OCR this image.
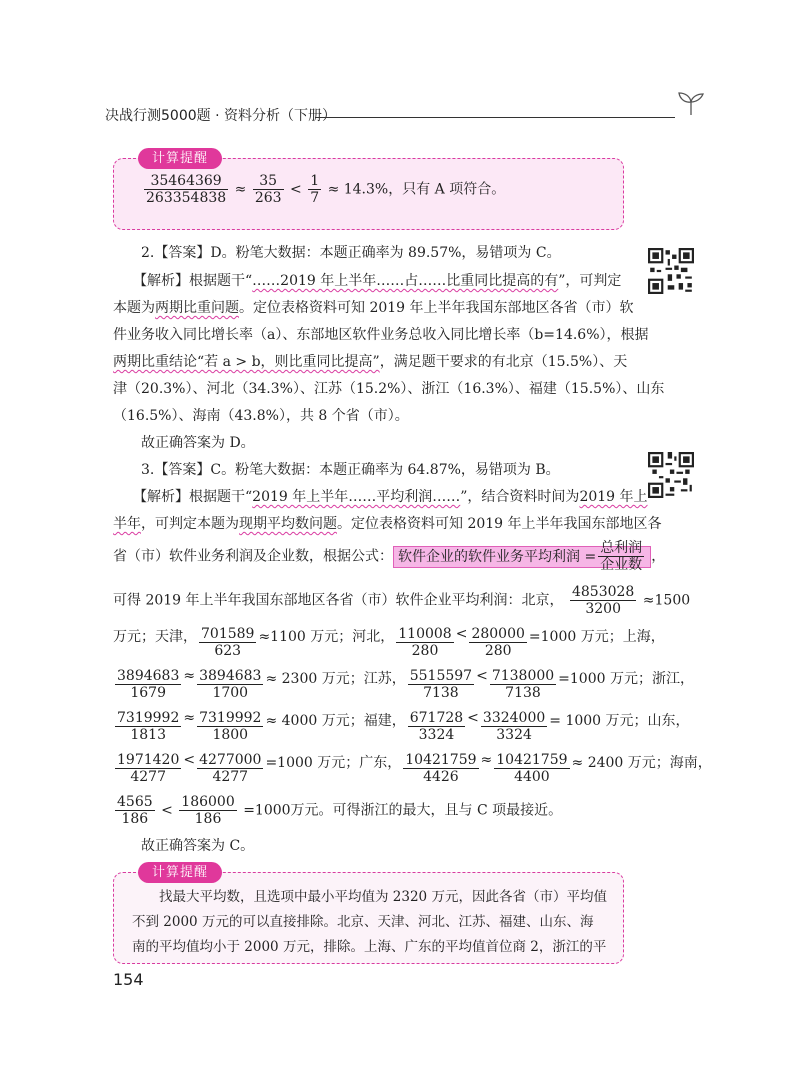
决战行测5000题 · 资料分析（下册）
计算提醒
$\frac{35464369}{263354838} \approx \frac{35}{263} < \frac{1}{7} \approx 14.3\%$，只有 A 项符合。
2.【答案】D。粉笔大数据：本题正确率为 89.57%，易错项为 C。
【解析】根据题干“……2019 年上半年……占……比重同比提高的有”，可判定
本题为两期比重问题。定位表格资料可知 2019 年上半年我国东部地区各省（市）软
件业务收入同比增长率（a）、东部地区软件业务总收入同比增长率（b=14.6%），根据
两期比重结论“若 a > b，则比重同比提高”，满足题干要求的有北京（15.5%）、天
津（20.3%）、河北（34.3%）、江苏（15.2%）、浙江（16.3%）、福建（15.5%）、山东
（16.5%）、海南（43.8%），共 8 个省（市）。
故正确答案为 D。
3.【答案】C。粉笔大数据：本题正确率为 64.87%，易错项为 B。
【解析】根据题干“2019 年上半年……平均利润……”，结合资料时间为2019 年上
半年，可判定本题为现期平均数问题。定位表格资料可知 2019 年上半年我国东部地区各
省（市）软件业务利润及企业数，根据公式： 软件企业的软件业务平均利润 = $\frac{\text{总利润}}{\text{企业数}}$ ，
可得 2019 年上半年我国东部地区各省（市）软件企业平均利润：北京， $\frac{4853028}{3200} \approx 1500$
万元；天津， $\frac{701589}{623} \approx 1100$ 万元；河北， $\frac{110008}{280} < \frac{280000}{280} =1000$ 万元；上海，
$\frac{3894683}{1679} \approx \frac{3894683}{1700} \approx 2300$ 万元；江苏， $\frac{5515597}{7138} < \frac{7138000}{7138} =1000$ 万元；浙江，
$\frac{7319992}{1813} \approx \frac{7319992}{1800} \approx 4000$ 万元；福建， $\frac{671728}{3324} < \frac{3324000}{3324} = 1000$ 万元；山东，
$\frac{1971420}{4277} < \frac{4277000}{4277} =1000$ 万元；广东， $\frac{10421759}{4426} \approx \frac{10421759}{4400} \approx 2400$ 万元；海南，
$\frac{4565}{186} < \frac{186000}{186} =1000$万元。可得浙江的最大，且与 C 项最接近。
故正确答案为 C。
计算提醒

　　找最大平均数，且选项中最小平均值为 2320 万元，因此各省（市）平均值

不到 2000 万元的可以直接排除。北京、天津、河北、江苏、福建、山东、海

南的平均值均小于 2000 万元，排除。上海、广东的平均值首位商 2，浙江的平

154
